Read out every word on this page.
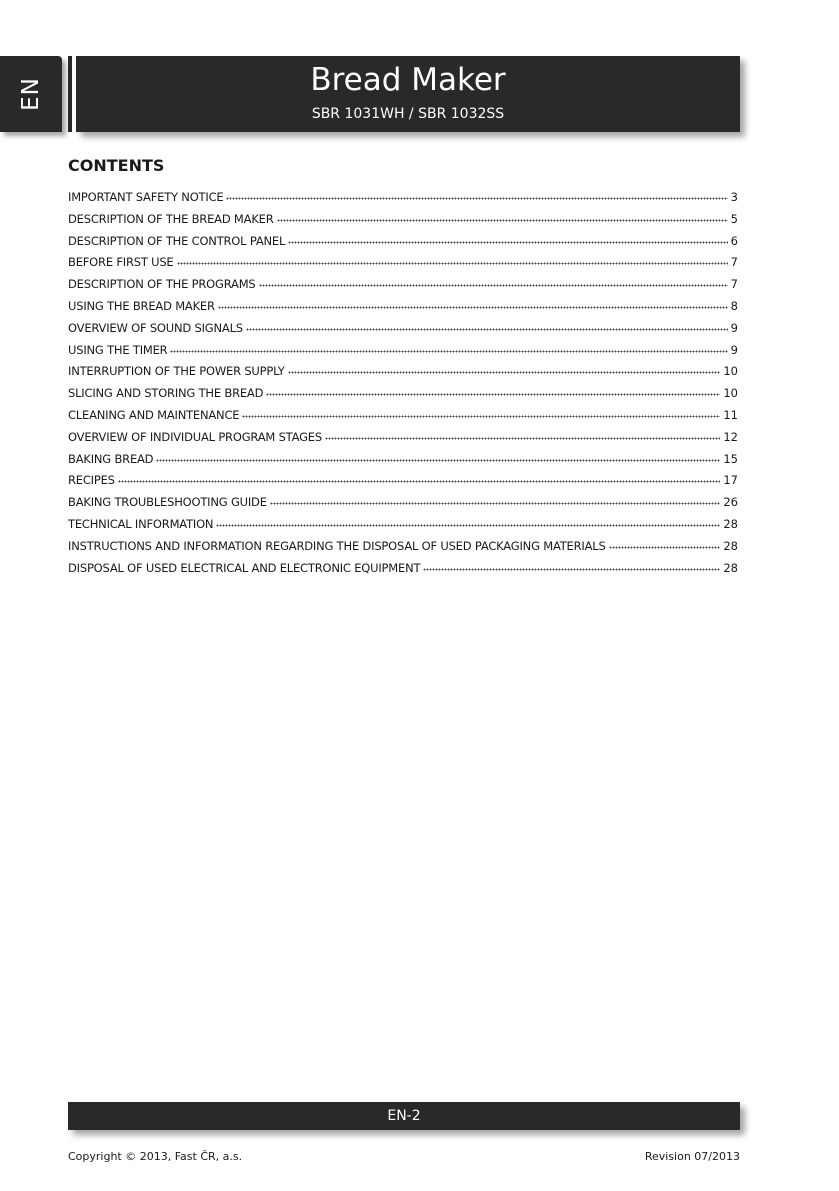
EN	Bread Maker
SBR 1031WH / SBR 1032SS
CONTENTS
IMPORTANT SAFETY NOTICE	3
DESCRIPTION OF THE BREAD MAKER	5
DESCRIPTION OF THE CONTROL PANEL	6
BEFORE FIRST USE	7
DESCRIPTION OF THE PROGRAMS	7
USING THE BREAD MAKER	8
OVERVIEW OF SOUND SIGNALS	9
USING THE TIMER	9
INTERRUPTION OF THE POWER SUPPLY	10
SLICING AND STORING THE BREAD	10
CLEANING AND MAINTENANCE	11
OVERVIEW OF INDIVIDUAL PROGRAM STAGES	12
BAKING BREAD	15
RECIPES	17
BAKING TROUBLESHOOTING GUIDE	26
TECHNICAL INFORMATION	28
INSTRUCTIONS AND INFORMATION REGARDING THE DISPOSAL OF USED PACKAGING MATERIALS	28
DISPOSAL OF USED ELECTRICAL AND ELECTRONIC EQUIPMENT	28
EN-2
Copyright © 2013, Fast ČR, a.s.	Revision 07/2013
